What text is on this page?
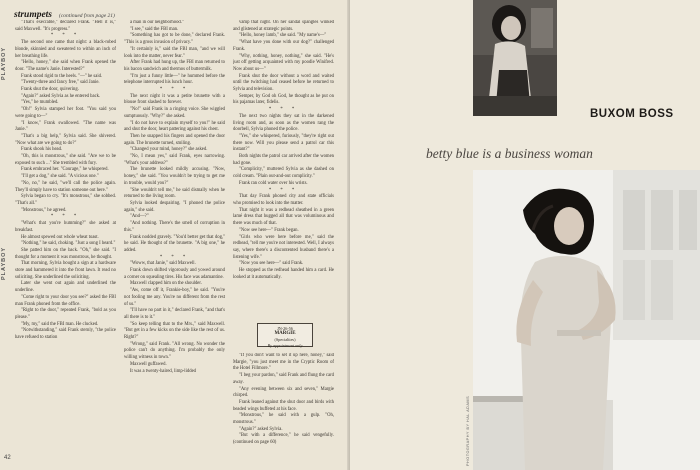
PLAYBOY
PLAYBOY
42
strumpets (continued from page 21)

"That's execrable," declared Frank. "Hell it is," said Maxwell. "It's progress."

* * *

The second one came that night: a black-robed blonde, skinnied and sweatered to within an inch of her breathing life.

"Hello, honey," she said when Frank opened the door. "The name's Janie. Interested?"

Frank stood rigid to the heels. "—" he said.

"Twenty-three and fancy free," said Janie.

Frank shut the door, quivering.

"Again?" asked Sylvia as he entered back.

"Yes," he mumbled.

"Oh!" Sylvia stamped her foot. "You said you were going to—"

"I know," Frank swallowed. "The name was Janie."

"That's a big help," Sylvia said. She shivered. "Now what are we going to do?"

Frank shook his head.

"Oh, this is monstrous," she said. "Are we to be exposed to such ..." She trembled with fury.

Frank embraced her. "Courage," he whispered.

"I'll get a dog," she said. "A vicious one."

"No, no," he said, "we'll call the police again. They'll simply have to station someone out here."

Sylvia began to cry. "It's monstrous," she sobbed. "That's all."

"Monstrous," he agreed.

* * *

"What's that you're humming?" she asked at breakfast.

He almost spewed out whole wheat toast.

"Nothing," he said, choking. "Just a song I heard."

She patted him on the back. "Oh," she said. "I thought for a moment it was monstrous, he thought.

That morning, Sylvia bought a sign at a hardware store and hammered it into the front lawn. It read no soliciting. She underlined the soliciting.

Later she went out again and underlined the underline.

"Come right to your door you see?" asked the FBI man Frank phoned from the office.

"Right to the door," repeated Frank, "bold as you please."

"My, my," said the FBI man. He clucked.

"Notwithstanding," said Frank sternly, "the police have refused to station

a man in our neighborhood."

"I see," said the FBI man.

"Something has got to be done," declared Frank. "This is a gross invasion of privacy."

"It certainly is," said the FBI man, "and we will look into the matter, never fear."

After Frank had hung up, the FBI man returned to his bacon sandwich and thermos of buttermilk.

"I'm just a funny little—" he hummed before the telephone interrupted his lunch hour.

* * *

The next night it was a petite brunette with a blouse front slashed to forever.

"No!" said Frank in a ringing voice. She wiggled sumptuously. "Why?" she asked.

"I do not have to explain myself to you!" he said and shut the door, heart pattering against his chest.

Then he snapped his fingers and opened the door again. The brunette turned, smiling.

"Changed your mind, honey?" she asked.

"No, I mean yes," said Frank, eyes narrowing. "What's your address?"

The brunette looked mildly accusing. "Now, honey," she said. "You wouldn't be trying to get me in trouble, would you?"

"She wouldn't tell me," he said dismally when he returned to the living room.

Sylvia looked despairing. "I phoned the police again," she said.

"And—?"

"And nothing. There's the smell of corruption in this."

Frank nodded gravely. "You'd better get that dog," he said. He thought of the brunette. "A big one," he added.

* * *

"Woww, that Janie," said Maxwell.

Frank down shifted vigorously and yowed around a corner on squealing tires. His face was adamantine.

Maxwell clapped him on the shoulder.

"Aw, come off it, Frankie-boy," he said. "You're not fooling me any. You're no different from the rest of us."

"I'll have no part in it," declared Frank, "and that's all there is to it."

"So keep telling that to the Mrs.," said Maxwell. "But get in a few kicks on the side like the rest of us. Right?"

"Wrong," said Frank. "All wrong. No wonder the police can't do anything. I'm probably the only willing witness in town."

Maxwell guffawed.

It was a twenty-haired, limp-lidded

vamp that night. On her sandal spangles winked and glistened at strategic points.

"Hello, honey lamb," she said. "My name's—"

"What have you done with our dog?" challenged Frank.

"Why, nothing, honey, nothing," she said. "He's just off getting acquainted with my poodle Winifred. Now about us—"

Frank shut the door without a word and waited until the twitching had ceased before he returned to Sylvia and television.

Semper, by God oh God, he thought as he put on his pajamas later, fidelis.

* * *

The next two nights they sat in the darkened living room and, as soon as the women rang the doorbell, Sylvia phoned the police.

"Yes," she whispered, furiously, "they're right out there now. Will you please send a patrol car this instant?"

Both nights the patrol car arrived after the women had gone.

"Complicity," muttered Sylvia as she dashed on cold cream. "Plain out-and-out complicity."

Frank ran cold water over his wrists.

* * *

That day Frank phoned city and state officials who promised to look into the matter.

That night it was a redhead sheathed in a green lamé dress that hugged all that was voluminous and there was much of that.

"Now see here—" Frank began.

"Girls who were here before me," said the redhead, "tell me you're not interested. Well, I always say, where there's a discontented husband there's a listening wife."

"Now you see here—" said Frank.

He stopped as the redhead handed him a card. He looked at it automatically.

"If you don't want to set it up here, honey," said Margie, "you just meet me in the Cryptic Room of the Hotel Fillmore."

"I beg your pardon," said Frank and flung the card away.

"Any evening between six and seven," Margie chirped.

Frank leaned against the shut door and birds with beaded wings buffeted at his face.

"Monstrous," he said with a gulp. "Oh, monstrous."

"Again?" asked Sylvia.

"But with a difference," he said vengefully. (continued on page 60)

JN-26-56
MARGIE
(Specialties)
By appointment only
BUXOM BOSS
betty blue is a business woman
PHOTOGRAPHY BY HAL ADAMS
